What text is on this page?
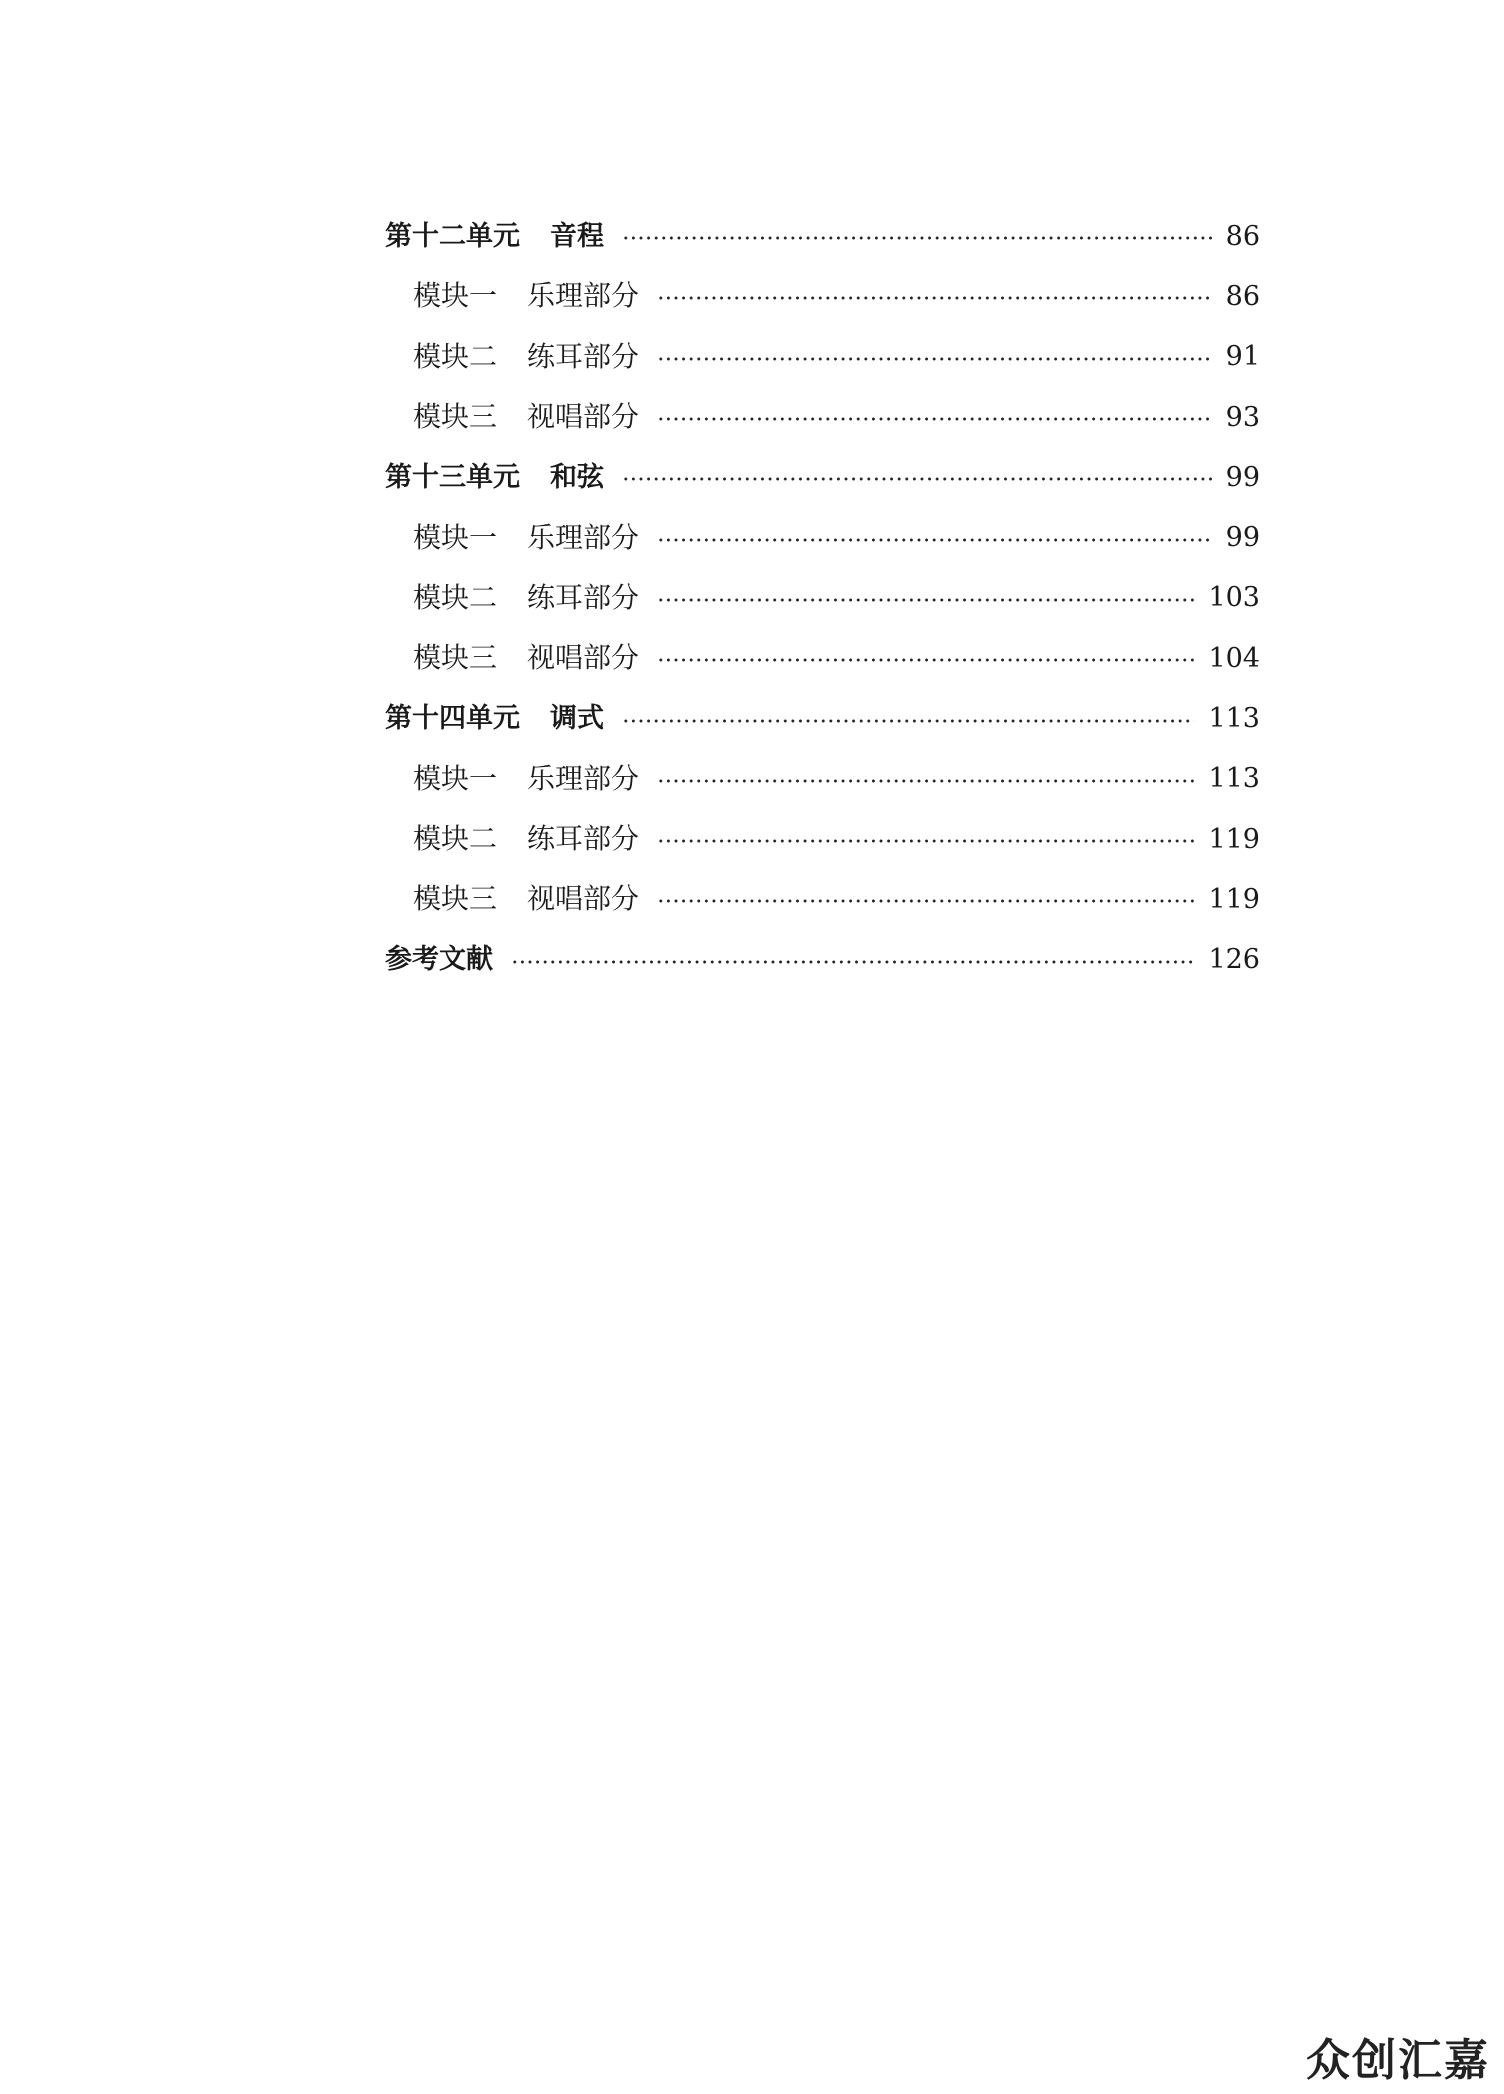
第十二单元 音程	86
模块一 乐理部分	86
模块二 练耳部分	91
模块三 视唱部分	93
第十三单元 和弦	99
模块一 乐理部分	99
模块二 练耳部分	103
模块三 视唱部分	104
第十四单元 调式	113
模块一 乐理部分	113
模块二 练耳部分	119
模块三 视唱部分	119
参考文献	126
众创汇嘉
